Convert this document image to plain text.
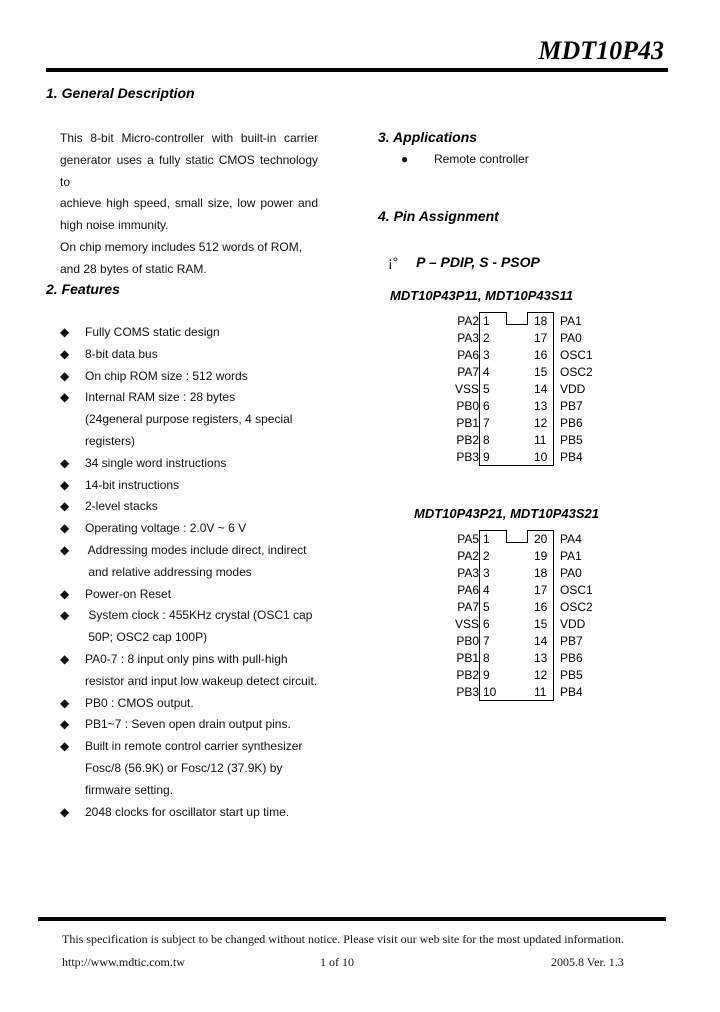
MDT10P43
1. General Description
This 8-bit Micro-controller with built-in carrier
generator uses a fully static CMOS technology to
achieve high speed, small size, low power and
high noise immunity.
On chip memory includes 512 words of ROM,
and 28 bytes of static RAM.
2. Features
◆ Fully COMS static design
◆ 8-bit data bus
◆ On chip ROM size : 512 words
◆ Internal RAM size : 28 bytes
(24general purpose registers, 4 special
registers)
◆ 34 single word instructions
◆ 14-bit instructions
◆ 2-level stacks
◆ Operating voltage : 2.0V ~ 6 V
◆ Addressing modes include direct, indirect
and relative addressing modes
◆ Power-on Reset
◆ System clock : 455KHz crystal (OSC1 cap
50P; OSC2 cap 100P)
◆ PA0-7 : 8 input only pins with pull-high
resistor and input low wakeup detect circuit.
◆ PB0 : CMOS output.
◆ PB1~7 : Seven open drain output pins.
◆ Built in remote control carrier synthesizer
Fosc/8 (56.9K) or Fosc/12 (37.9K) by
firmware setting.
◆ 2048 clocks for oscillator start up time.
3. Applications
● Remote controller
4. Pin Assignment
¡° P – PDIP, S - PSOP
MDT10P43P11, MDT10P43S11
PA2 1	18 PA1
PA3 2	17 PA0
PA6 3	16 OSC1
PA7 4	15 OSC2
VSS 5	14 VDD
PB0 6	13 PB7
PB1 7	12 PB6
PB2 8	11 PB5
PB3 9	10 PB4
MDT10P43P21, MDT10P43S21
PA5 1	20 PA4
PA2 2	19 PA1
PA3 3	18 PA0
PA6 4	17 OSC1
PA7 5	16 OSC2
VSS 6	15 VDD
PB0 7	14 PB7
PB1 8	13 PB6
PB2 9	12 PB5
PB3 10	11 PB4
This specification is subject to be changed without notice. Please visit our web site for the most updated information.
http://www.mdtic.com.tw	1 of 10	2005.8 Ver. 1.3
